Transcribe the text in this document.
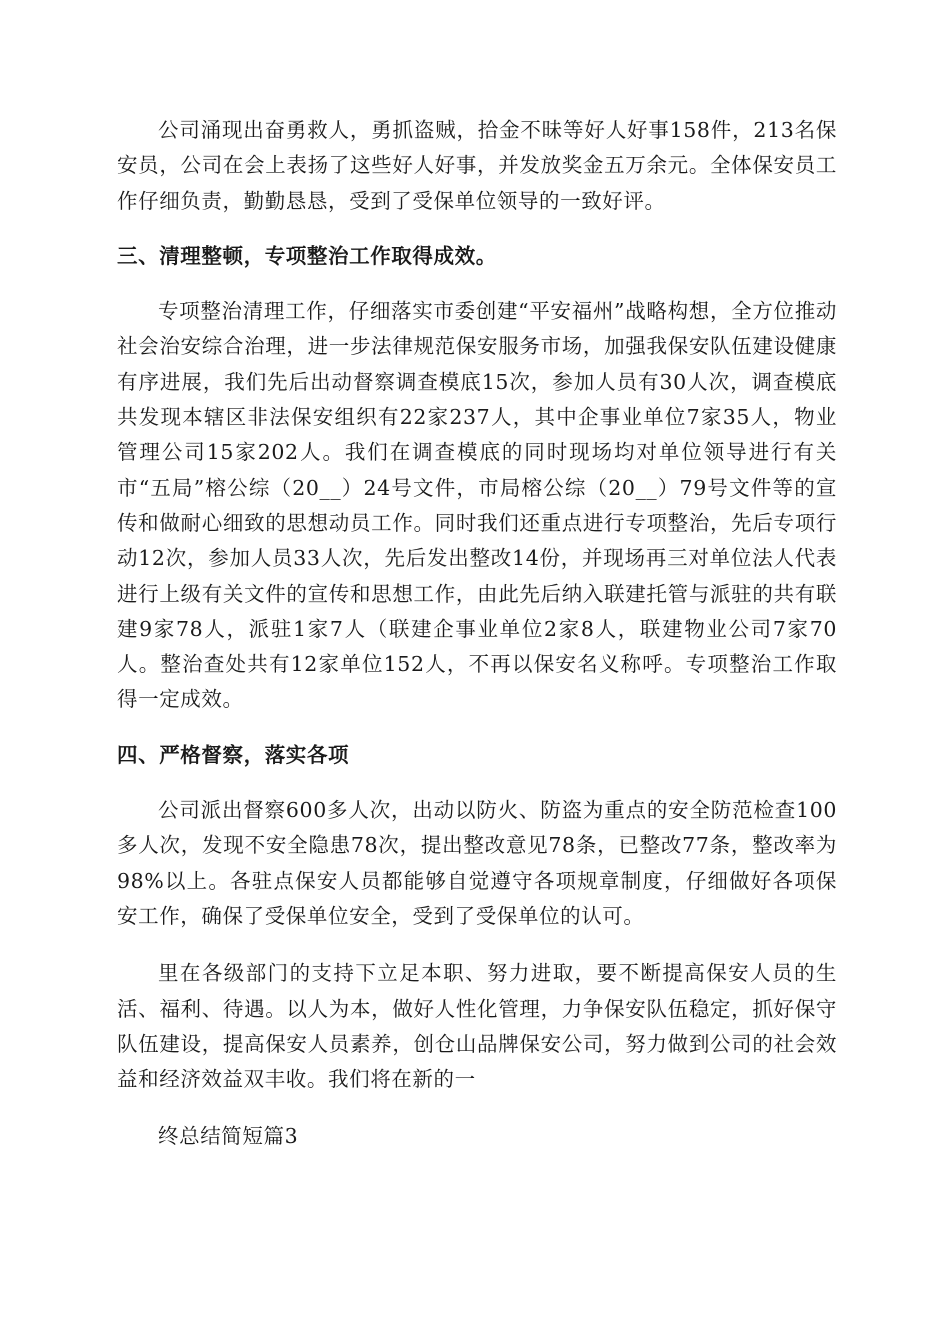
公司涌现出奋勇救人，勇抓盗贼，拾金不昧等好人好事158件，213名保安员，公司在会上表扬了这些好人好事，并发放奖金五万余元。全体保安员工作仔细负责，勤勤恳恳，受到了受保单位领导的一致好评。

三、清理整顿，专项整治工作取得成效。

专项整治清理工作，仔细落实市委创建“平安福州”战略构想，全方位推动社会治安综合治理，进一步法律规范保安服务市场，加强我保安队伍建设健康有序进展，我们先后出动督察调查模底15次，参加人员有30人次，调查模底共发现本辖区非法保安组织有22家237人，其中企事业单位7家35人，物业管理公司15家202人。我们在调查模底的同时现场均对单位领导进行有关市“五局”榕公综（20__）24号文件，市局榕公综（20__）79号文件等的宣传和做耐心细致的思想动员工作。同时我们还重点进行专项整治，先后专项行动12次，参加人员33人次，先后发出整改14份，并现场再三对单位法人代表进行上级有关文件的宣传和思想工作，由此先后纳入联建托管与派驻的共有联建9家78人，派驻1家7人（联建企事业单位2家8人，联建物业公司7家70人。整治查处共有12家单位152人，不再以保安名义称呼。专项整治工作取得一定成效。

四、严格督察，落实各项

公司派出督察600多人次，出动以防火、防盗为重点的安全防范检查100多人次，发现不安全隐患78次，提出整改意见78条，已整改77条，整改率为98%以上。各驻点保安人员都能够自觉遵守各项规章制度，仔细做好各项保安工作，确保了受保单位安全，受到了受保单位的认可。

里在各级部门的支持下立足本职、努力进取，要不断提高保安人员的生活、福利、待遇。以人为本，做好人性化管理，力争保安队伍稳定，抓好保守队伍建设，提高保安人员素养，创仓山品牌保安公司，努力做到公司的社会效益和经济效益双丰收。我们将在新的一

终总结简短篇3
